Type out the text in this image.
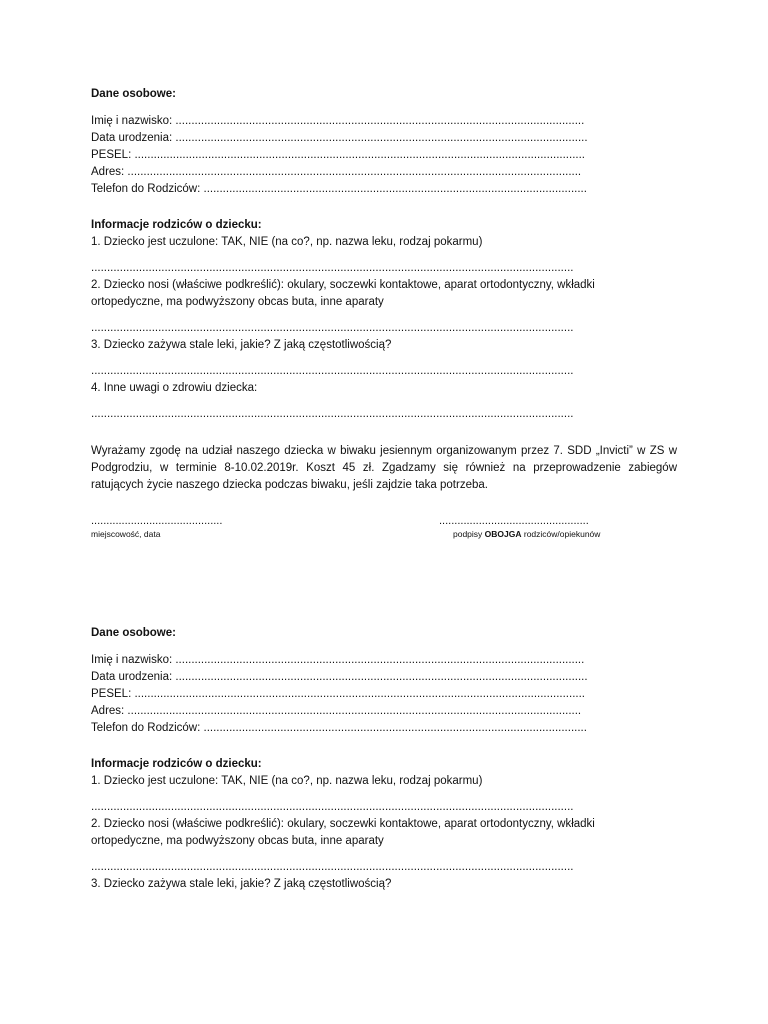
Dane osobowe:
Imię i nazwisko: ................................................................................................................................
Data urodzenia: .................................................................................................................................
PESEL: .............................................................................................................................................
Adres: ..............................................................................................................................................
Telefon do Rodziców: ........................................................................................................................
Informacje rodziców o dziecku:
1. Dziecko jest uczulone: TAK, NIE (na co?, np. nazwa leku, rodzaj pokarmu)
.......................................................................................................................................................
2. Dziecko nosi (właściwe podkreślić): okulary, soczewki kontaktowe, aparat ortodontyczny, wkładki
ortopedyczne, ma podwyższony obcas buta, inne aparaty
.......................................................................................................................................................
3. Dziecko zażywa stale leki, jakie? Z jaką częstotliwością?
.......................................................................................................................................................
4. Inne uwagi o zdrowiu dziecka:
.......................................................................................................................................................
Wyrażamy zgodę na udział naszego dziecka w biwaku jesiennym organizowanym przez 7. SDD „Invicti” w ZS w Podgrodziu, w terminie 8-10.02.2019r. Koszt 45 zł. Zgadzamy się również na przeprowadzenie zabiegów ratujących życie naszego dziecka podczas biwaku, jeśli zajdzie taka potrzeba.
...........................................
miejscowość, data
.................................................
podpisy OBOJGA rodziców/opiekunów
Dane osobowe:
Imię i nazwisko: ................................................................................................................................
Data urodzenia: .................................................................................................................................
PESEL: .............................................................................................................................................
Adres: ..............................................................................................................................................
Telefon do Rodziców: ........................................................................................................................
Informacje rodziców o dziecku:
1. Dziecko jest uczulone: TAK, NIE (na co?, np. nazwa leku, rodzaj pokarmu)
.......................................................................................................................................................
2. Dziecko nosi (właściwe podkreślić): okulary, soczewki kontaktowe, aparat ortodontyczny, wkładki
ortopedyczne, ma podwyższony obcas buta, inne aparaty
.......................................................................................................................................................
3. Dziecko zażywa stale leki, jakie? Z jaką częstotliwością?
